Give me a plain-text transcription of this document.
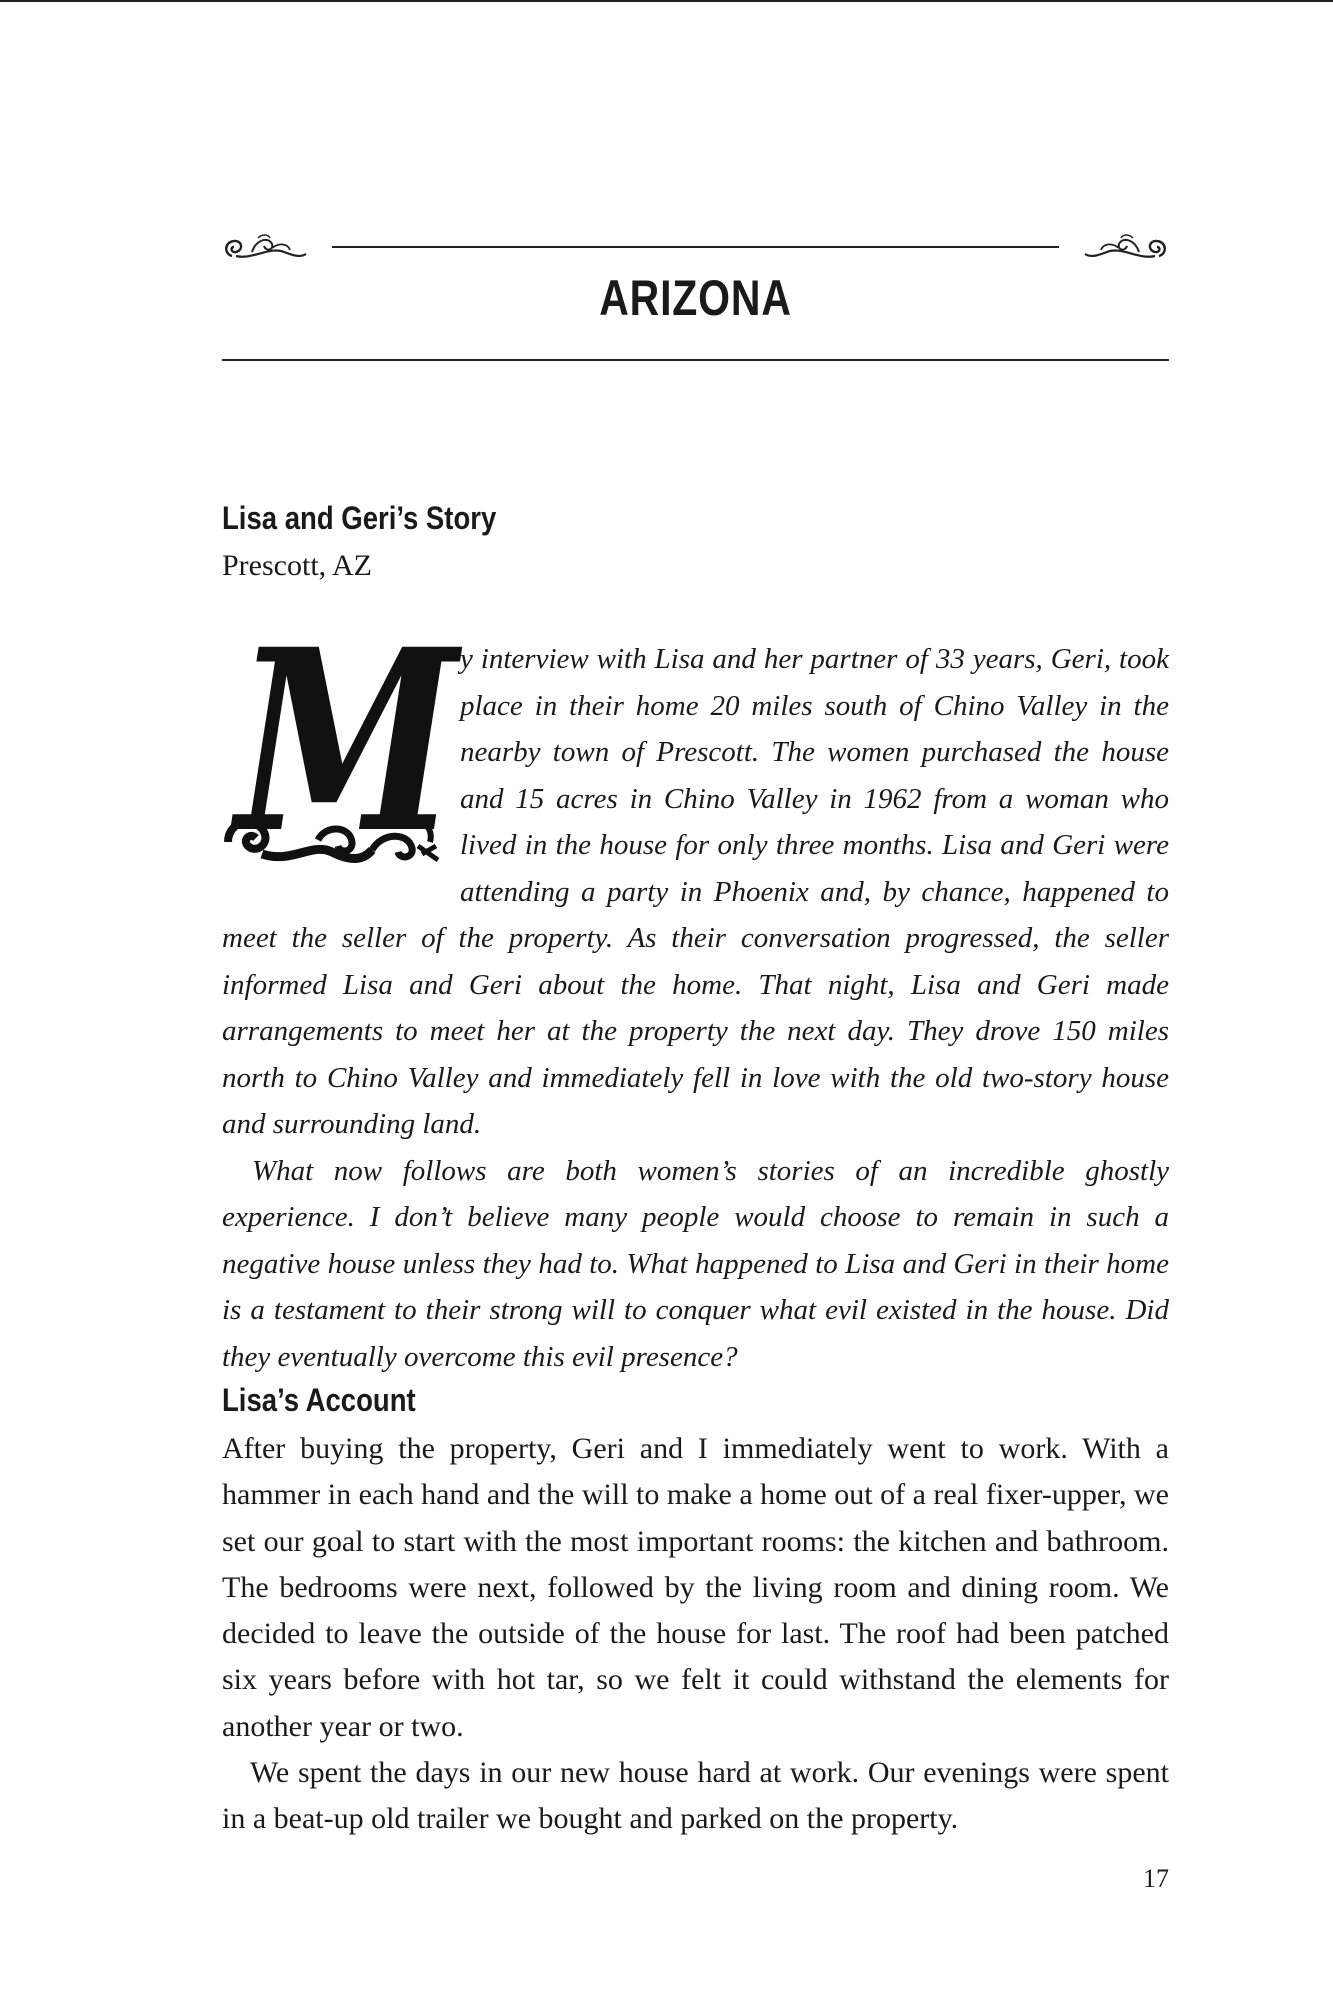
ARIZONA
Lisa and Geri’s Story
Prescott, AZ
M y interview with Lisa and her partner of 33 years, Geri, took place in their home 20 miles south of Chino Valley in the nearby town of Prescott. The women purchased the house and 15 acres in Chino Valley in 1962 from a woman who lived in the house for only three months. Lisa and Geri were attending a party in Phoenix and, by chance, happened to meet the seller of the property. As their conversation progressed, the seller informed Lisa and Geri about the home. That night, Lisa and Geri made arrangements to meet her at the property the next day. They drove 150 miles north to Chino Valley and immediately fell in love with the old two-story house and surrounding land.

What now follows are both women’s stories of an incredible ghostly experience. I don’t believe many people would choose to remain in such a negative house unless they had to. What happened to Lisa and Geri in their home is a testament to their strong will to conquer what evil existed in the house. Did they eventually overcome this evil presence?

Lisa’s Account

After buying the property, Geri and I immediately went to work. With a hammer in each hand and the will to make a home out of a real fixer-upper, we set our goal to start with the most important rooms: the kitchen and bathroom. The bedrooms were next, followed by the living room and dining room. We decided to leave the outside of the house for last. The roof had been patched six years before with hot tar, so we felt it could withstand the elements for another year or two.

We spent the days in our new house hard at work. Our evenings were spent in a beat-up old trailer we bought and parked on the property.

17
